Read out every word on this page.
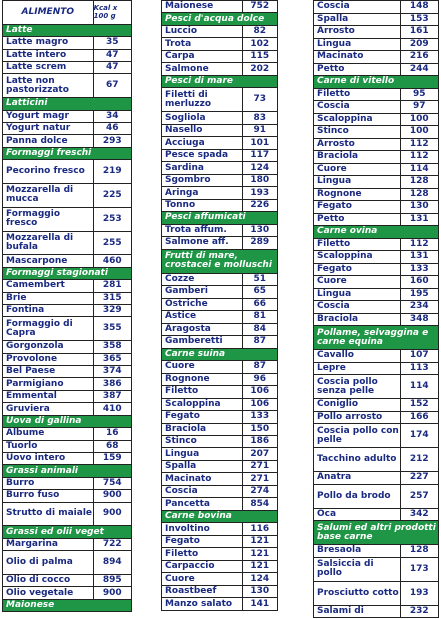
ALIMENTO	Kcal x 100 g
Latte
Latte magro	35
Latte intero	47
Latte screm	47
Latte non pastorizzato	67
Latticini
Yogurt magr	34
Yogurt natur	46
Panna dolce	293
Formaggi freschi
Pecorino fresco	219
Mozzarella di mucca	225
Formaggio fresco	253
Mozzarella di bufala	255
Mascarpone	460
Formaggi stagionati
Camembert	281
Brie	315
Fontina	329
Formaggio di Capra	355
Gorgonzola	358
Provolone	365
Bel Paese	374
Parmigiano	386
Emmental	387
Gruviera	410
Uova di gallina
Albume	16
Tuorlo	68
Uovo intero	159
Grassi animali
Burro	754
Burro fuso	900
Strutto di maiale	900
Grassi ed olii veget
Margarina	722
Olio di palma	894
Olio di cocco	895
Olio vegetale	900
Maionese
Maionese	752
Pesci d'acqua dolce
Luccio	82
Trota	102
Carpa	115
Salmone	202
Pesci di mare
Filetti di merluzzo	73
Sogliola	83
Nasello	91
Acciuga	101
Pesce spada	117
Sardina	124
Sgombro	180
Aringa	193
Tonno	226
Pesci affumicati
Trota affum.	130
Salmone aff.	289
Frutti di mare, crostacei e molluschi
Cozze	51
Gamberi	65
Ostriche	66
Astice	81
Aragosta	84
Gamberetti	87
Carne suina
Cuore	87
Rognone	96
Filetto	106
Scaloppina	106
Fegato	133
Braciola	150
Stinco	186
Lingua	207
Spalla	271
Macinato	271
Coscia	274
Pancetta	854
Carne bovina
Involtino	116
Fegato	121
Filetto	121
Carpaccio	121
Cuore	124
Roastbeef	130
Manzo salato	141
Coscia	148
Spalla	153
Arrosto	161
Lingua	209
Macinato	216
Petto	244
Carne di vitello
Filetto	95
Coscia	97
Scaloppina	100
Stinco	100
Arrosto	112
Braciola	112
Cuore	114
Lingua	128
Rognone	128
Fegato	130
Petto	131
Carne ovina
Filetto	112
Scaloppina	131
Fegato	133
Cuore	160
Lingua	195
Coscia	234
Braciola	348
Pollame, selvaggina e carne equina
Cavallo	107
Lepre	113
Coscia pollo senza pelle	114
Coniglio	152
Pollo arrosto	166
Coscia pollo con pelle	174
Tacchino adulto	212
Anatra	227
Pollo da brodo	257
Oca	342
Salumi ed altri prodotti base carne
Bresaola	128
Salsiccia di pollo	173
Prosciutto cotto	193
Salami di	232
